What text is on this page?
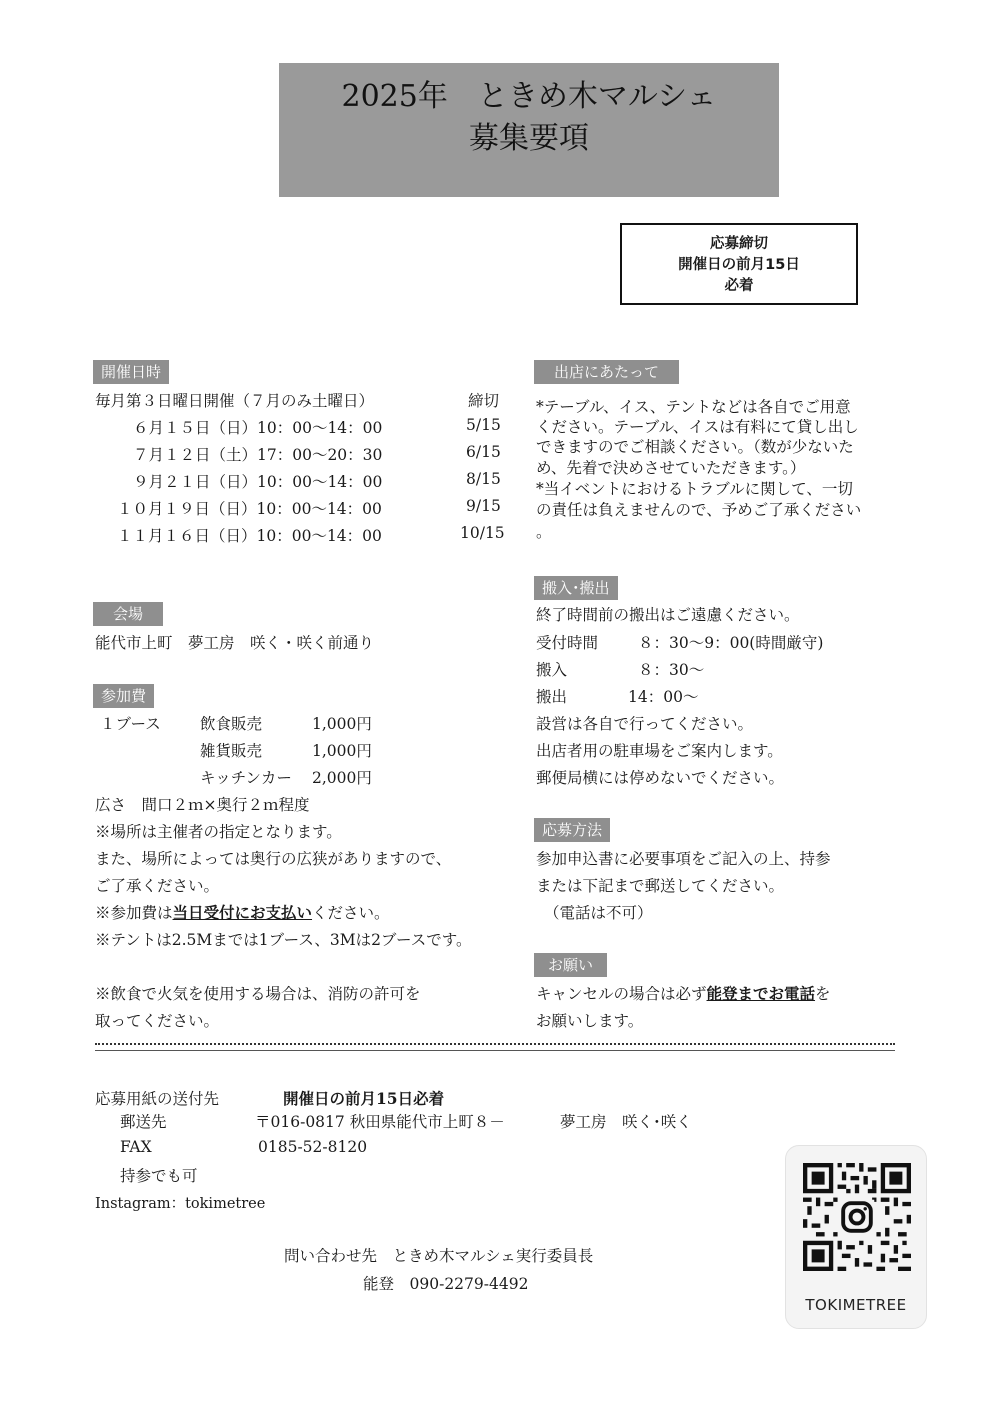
2025年　ときめ木マルシェ
募集要項
応募締切
開催日の前月15日
必着
開催日時
毎月第３日曜日開催（７月のみ土曜日）	締切
６月１５日（日）10：00〜14：00	5/15
７月１２日（土）17：00〜20：30	6/15
９月２１日（日）10：00〜14：00	8/15
１０月１９日（日）10：00〜14：00	9/15
１１月１６日（日）10：00〜14：00	10/15
会場
能代市上町　夢工房　咲く・咲く前通り
参加費
１ブース	飲食販売	1,000円
雑貨販売	1,000円
キッチンカー 2,000円
広さ　間口２ｍ×奥行２ｍ程度
※場所は主催者の指定となります。
また、場所によっては奥行の広狭がありますので、
ご了承ください。
※参加費は当日受付にお支払いください。
※テントは2.5Mまでは1ブース、3Mは2ブースです。
※飲食で火気を使用する場合は、消防の許可を
取ってください。
出店にあたって
*テーブル、イス、テントなどは各自でご用意
ください。テーブル、イスは有料にて貸し出し
できますのでご相談ください。（数が少ないた
め、先着で決めさせていただきます。）
*当イベントにおけるトラブルに関して、一切
の責任は負えませんので、予めご了承ください
。
搬入･搬出
終了時間前の搬出はご遠慮ください。
受付時間	８：30〜9：00(時間厳守)
搬入	８：30〜
搬出	14：00〜
設営は各自で行ってください。
出店者用の駐車場をご案内します。
郵便局横には停めないでください。
応募方法
参加申込書に必要事項をご記入の上、持参
または下記まで郵送してください。
（電話は不可）
お願い
キャンセルの場合は必ず能登までお電話を
お願いします。
応募用紙の送付先	開催日の前月15日必着
郵送先	〒016-0817 秋田県能代市上町８－	夢工房　咲く･咲く
FAX	0185-52-8120
持参でも可
Instagram：tokimetree
問い合わせ先　ときめ木マルシェ実行委員長
能登　090-2279-4492
TOKIMETREE
